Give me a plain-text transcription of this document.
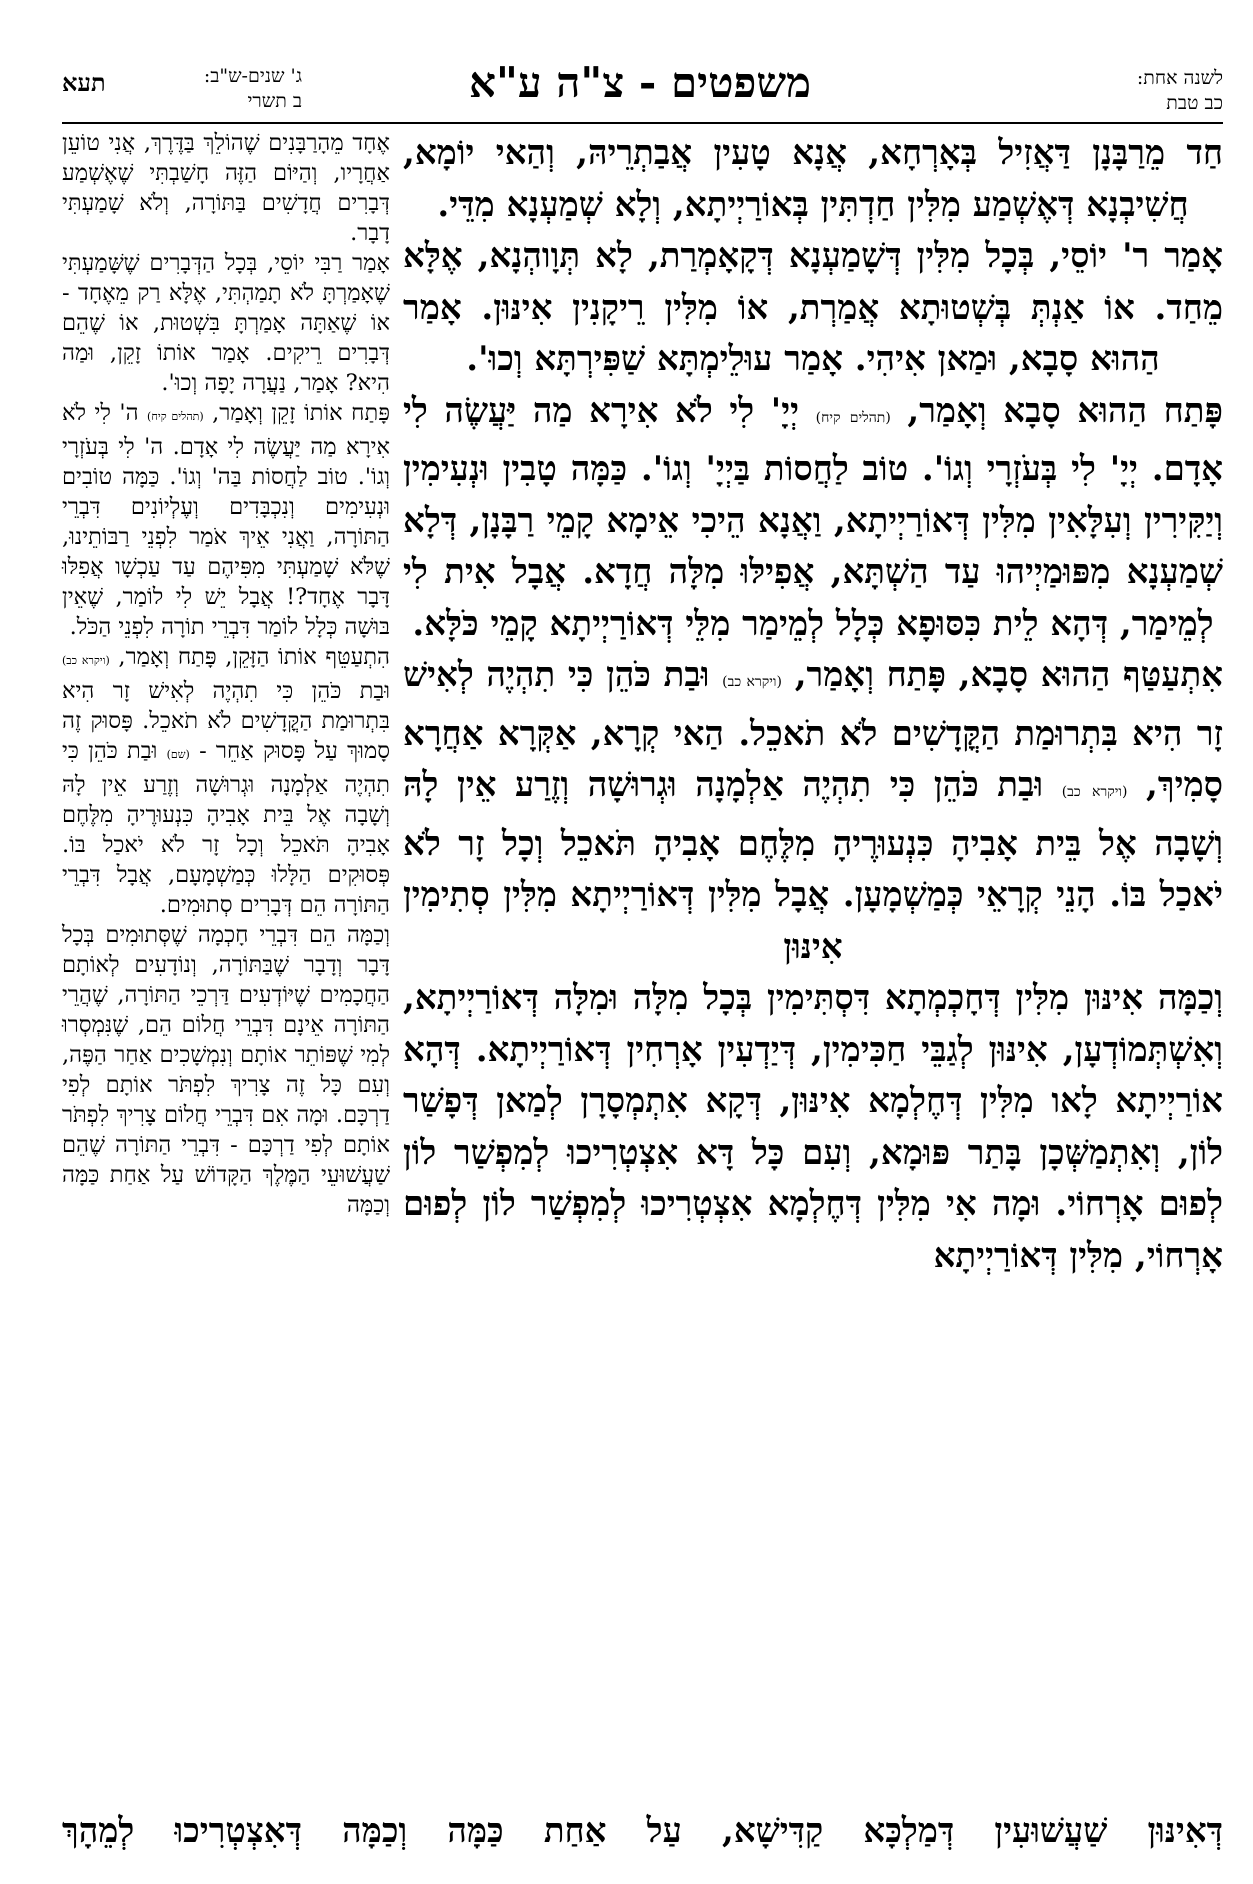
לשנה אחת:
כב טבת
משפטים - צ"ה ע"א
תעא	ג' שנים-ש"ב:
ב תשרי

חַד מֵרַבָּנָן דַּאֲזִיל בְּאָרְחָא, אֲנָא טָעִין אֲבַתְרֵיהּ, וְהַאי יוֹמָא, חֲשִׁיבְנָא דְּאֶשְׁמַע מִלִּין חַדְתִּין בְּאוֹרַיְיתָא, וְלָא שְׁמַעְנָא מִדֵּי.

אָמַר ר' יוֹסֵי, בְּכָל מִלִּין דְּשָׁמַעְנָא דְּקָאָמְרַת, לָא תְּוָוהְנָא, אֶלָּא מֵחַד. אוֹ אַנְתְּ בְּשְׁטוּתָא אֲמַרְת, אוֹ מִלִּין רֵיקָנִין אִינּוּן. אָמַר הַהוּא סָבָא, וּמַאן אִיהִי. אָמַר עוּלֵימְתָּא שַׁפִּירְתָּא וְכוּ'.

פָּתַח הַהוּא סָבָא וְאָמַר, (תהלים קיח) יְיָ' לִי לֹא אִירָא מַה יַּעֲשֶׂה לִי אָדָם. יְיָ' לִי בְּעֹזְרָי וְגוֹ'. טוֹב לַחֲסוֹת בַּיְיָ' וְגוֹ'. כַּמָּה טָבִין וּנְעִימִין וְיַקִּירִין וְעִלָּאִין מִלִּין דְּאוֹרַיְיתָא, וַאֲנָא הֵיכִי אֵימָא קָמֵי רַבָּנָן, דְּלָא שְׁמַעְנָא מִפּוּמַיְיהוּ עַד הַשְׁתָּא, אֲפִילּוּ מִלָּה חֲדָא. אֲבָל אִית לִי לְמֵימַר, דְּהָא לֵית כִּסּוּפָא כְּלָל לְמֵימַר מִלֵּי דְּאוֹרַיְיתָא קָמֵי כֹּלָּא.

אִתְעַטַּף הַהוּא סָבָא, פָּתַח וְאָמַר, (ויקרא כב) וּבַת כֹּהֵן כִּי תִהְיֶה לְאִישׁ זָר הִיא בִּתְרוּמַת הַקֳּדָשִׁים לֹא תֹאכֵל. הַאי קְרָא, אַקְּרָא אַחֲרָא סָמִיךְ, (ויקרא כב) וּבַת כֹּהֵן כִּי תִהְיֶה אַלְמָנָה וּגְרוּשָׁה וְזֶרַע אֵין לָהּ וְשָׁבָה אֶל בֵּית אָבִיהָ כִּנְעוּרֶיהָ מִלֶּחֶם אָבִיהָ תֹּאכֵל וְכָל זָר לֹא יֹאכַל בּוֹ. הָנֵי קְרָאֵי כְּמַשְׁמָעָן. אֲבָל מִלִּין דְּאוֹרַיְיתָא מִלִּין סְתִימִין אִינּוּן

וְכַמָּה אִינּוּן מִלִּין דְּחָכְמְתָא דִּסְתִּימִין בְּכָל מִלָּה וּמִלָּה דְּאוֹרַיְיתָא, וְאִשְׁתְּמוֹדְעָן, אִינּוּן לְגַבֵּי חַכִּימִין, דְּיַדְעִין אָרְחִין דְּאוֹרַיְיתָא. דְּהָא אוֹרַיְיתָא לָאו מִלִּין דְּחֶלְמָא אִינּוּן, דְּקָא אִתְמְסָרָן לְמַאן דְּפָשַׁר לוֹן, וְאִתְמַשְּׁכָן בָּתַר פּוּמָא, וְעִם כָּל דָּא אִצְטְרִיכוּ לְמִפְשַׁר לוֹן לְפוּם אָרְחוֹי. וּמָה אִי מִלִּין דְּחֶלְמָא אִצְטְרִיכוּ לְמִפְשַׁר לוֹן לְפוּם אָרְחוֹי, מִלִּין דְּאוֹרַיְיתָא

אֶחָד מֵהָרַבָּנִים שֶׁהוֹלֵךְ בַּדֶּרֶךְ, אֲנִי טוֹעֵן אַחֲרָיו, וְהַיּוֹם הַזֶּה חָשַׁבְתִּי שֶׁאֶשְׁמַע דְּבָרִים חֲדָשִׁים בַּתּוֹרָה, וְלֹא שָׁמַעְתִּי דָבָר.

אָמַר רַבִּי יוֹסֵי, בְּכָל הַדְּבָרִים שֶׁשָּׁמַעְתִּי שֶׁאָמַרְתָּ לֹא תָמַהְתִּי, אֶלָּא רַק מֵאֶחָד - אוֹ שֶׁאַתָּה אָמַרְתָּ בִּשְׁטוּת, אוֹ שֶׁהֵם דְּבָרִים רֵיקִים. אָמַר אוֹתוֹ זָקֵן, וּמַה הִיא? אָמַר, נַעֲרָה יָפָה וְכוּ'.

פָּתַח אוֹתוֹ זָקֵן וְאָמַר, (תהלים קיח) ה' לִי לֹא אִירָא מַה יַּעֲשֶׂה לִי אָדָם. ה' לִי בְּעֹזְרָי וְגוֹ'. טוֹב לַחֲסוֹת בַּה' וְגוֹ'. כַּמָּה טוֹבִים וּנְעִימִים וְנִכְבָּדִים וְעֶלְיוֹנִים דִּבְרֵי הַתּוֹרָה, וַאֲנִי אֵיךְ אֹמַר לִפְנֵי רַבּוֹתֵינוּ, שֶׁלֹּא שָׁמַעְתִּי מִפִּיהֶם עַד עַכְשָׁו אֲפִלּוּ דָּבָר אֶחָד?! אֲבָל יֵשׁ לִי לוֹמַר, שֶׁאֵין בּוּשָׁה כְּלָל לוֹמַר דִּבְרֵי תוֹרָה לִפְנֵי הַכֹּל.

הִתְעַטֵּף אוֹתוֹ הַזָּקֵן, פָּתַח וְאָמַר, (ויקרא כב) וּבַת כֹּהֵן כִּי תִהְיֶה לְאִישׁ זָר הִיא בִּתְרוּמַת הַקֳּדָשִׁים לֹא תֹאכֵל. פָּסוּק זֶה סָמוּךְ עַל פָּסוּק אַחֵר - (שם) וּבַת כֹּהֵן כִּי תִהְיֶה אַלְמָנָה וּגְרוּשָׁה וְזֶרַע אֵין לָהּ וְשָׁבָה אֶל בֵּית אָבִיהָ כִּנְעוּרֶיהָ מִלֶּחֶם אָבִיהָ תֹּאכֵל וְכָל זָר לֹא יֹאכַל בּוֹ. פְּסוּקִים הַלָּלוּ כְּמַשְׁמָעָם, אֲבָל דִּבְרֵי הַתּוֹרָה הֵם דְּבָרִים סְתוּמִים.

וְכַמָּה הֵם דִּבְרֵי חָכְמָה שֶׁסְּתוּמִים בְּכָל דָּבָר וְדָבָר שֶׁבַּתּוֹרָה, וְנוֹדָעִים לְאוֹתָם הַחֲכָמִים שֶׁיּוֹדְעִים דַּרְכֵי הַתּוֹרָה, שֶׁהֲרֵי הַתּוֹרָה אֵינָם דִּבְרֵי חֲלוֹם הֵם, שֶׁנִּמְסְרוּ לְמִי שֶׁפּוֹתֵר אוֹתָם וְנִמְשָׁכִים אַחַר הַפֶּה, וְעִם כָּל זֶה צָרִיךְ לִפְתֹּר אוֹתָם לְפִי דַרְכָּם. וּמָה אִם דִּבְרֵי חֲלוֹם צָרִיךְ לִפְתֹּר אוֹתָם לְפִי דַרְכָּם - דִּבְרֵי הַתּוֹרָה שֶׁהֵם שַׁעֲשׁוּעֵי הַמֶּלֶךְ הַקָּדוֹשׁ עַל אַחַת כַּמָּה וְכַמָּה

דְּאִינּוּן שַׁעֲשׁוּעִין דְּמַלְכָּא קַדִּישָׁא, עַל אַחַת כַּמָּה וְכַמָּה דְּאִצְטְרִיכוּ לְמֵהָךְ
